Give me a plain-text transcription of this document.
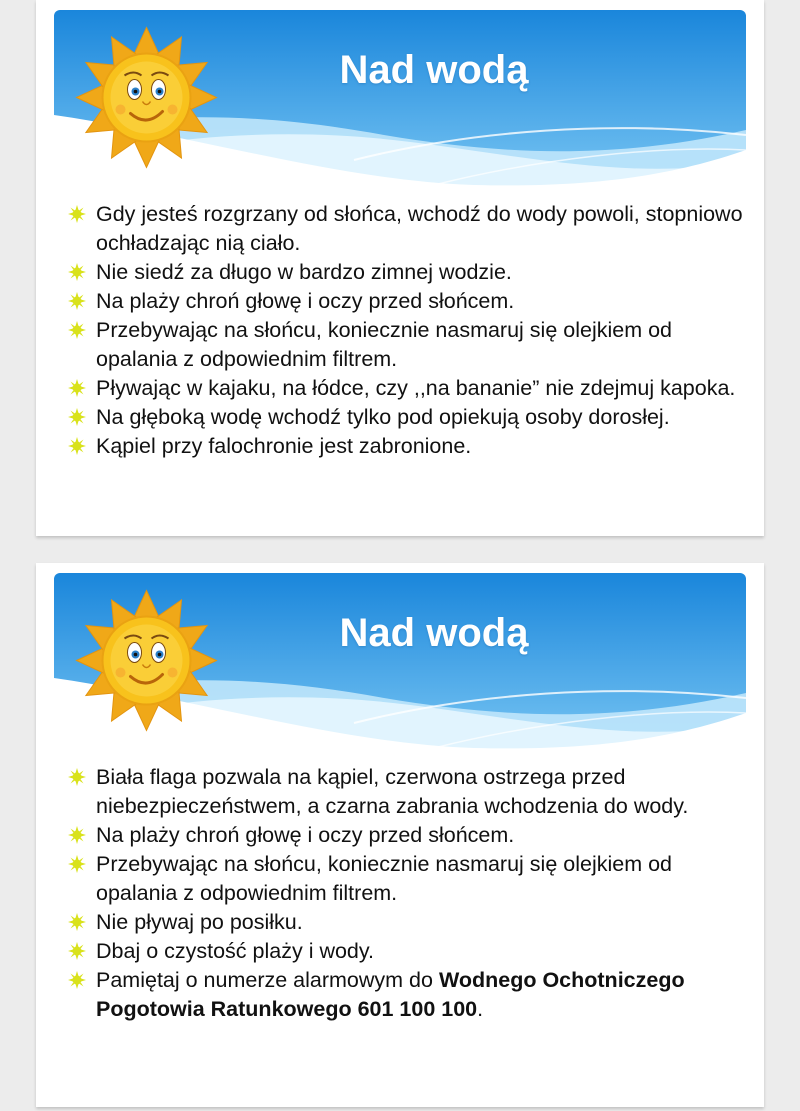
Nad wodą
Gdy jesteś rozgrzany od słońca, wchodź do wody powoli, stopniowo ochładzając nią ciało.
Nie siedź za długo w bardzo zimnej wodzie.
Na plaży chroń głowę i oczy przed słońcem.
Przebywając na słońcu, koniecznie nasmaruj się olejkiem od opalania z odpowiednim filtrem.
Pływając w kajaku, na łódce, czy ,,na bananie” nie zdejmuj kapoka.
Na głęboką wodę wchodź tylko pod opiekują osoby dorosłej.
Kąpiel przy falochronie jest zabronione.
Nad wodą
Biała flaga pozwala na kąpiel, czerwona ostrzega przed niebezpieczeństwem, a czarna zabrania wchodzenia do wody.
Na plaży chroń głowę i oczy przed słońcem.
Przebywając na słońcu, koniecznie nasmaruj się olejkiem od opalania z odpowiednim filtrem.
Nie pływaj po posiłku.
Dbaj o czystość plaży i wody.
Pamiętaj o numerze alarmowym do Wodnego Ochotniczego Pogotowia Ratunkowego 601 100 100.
